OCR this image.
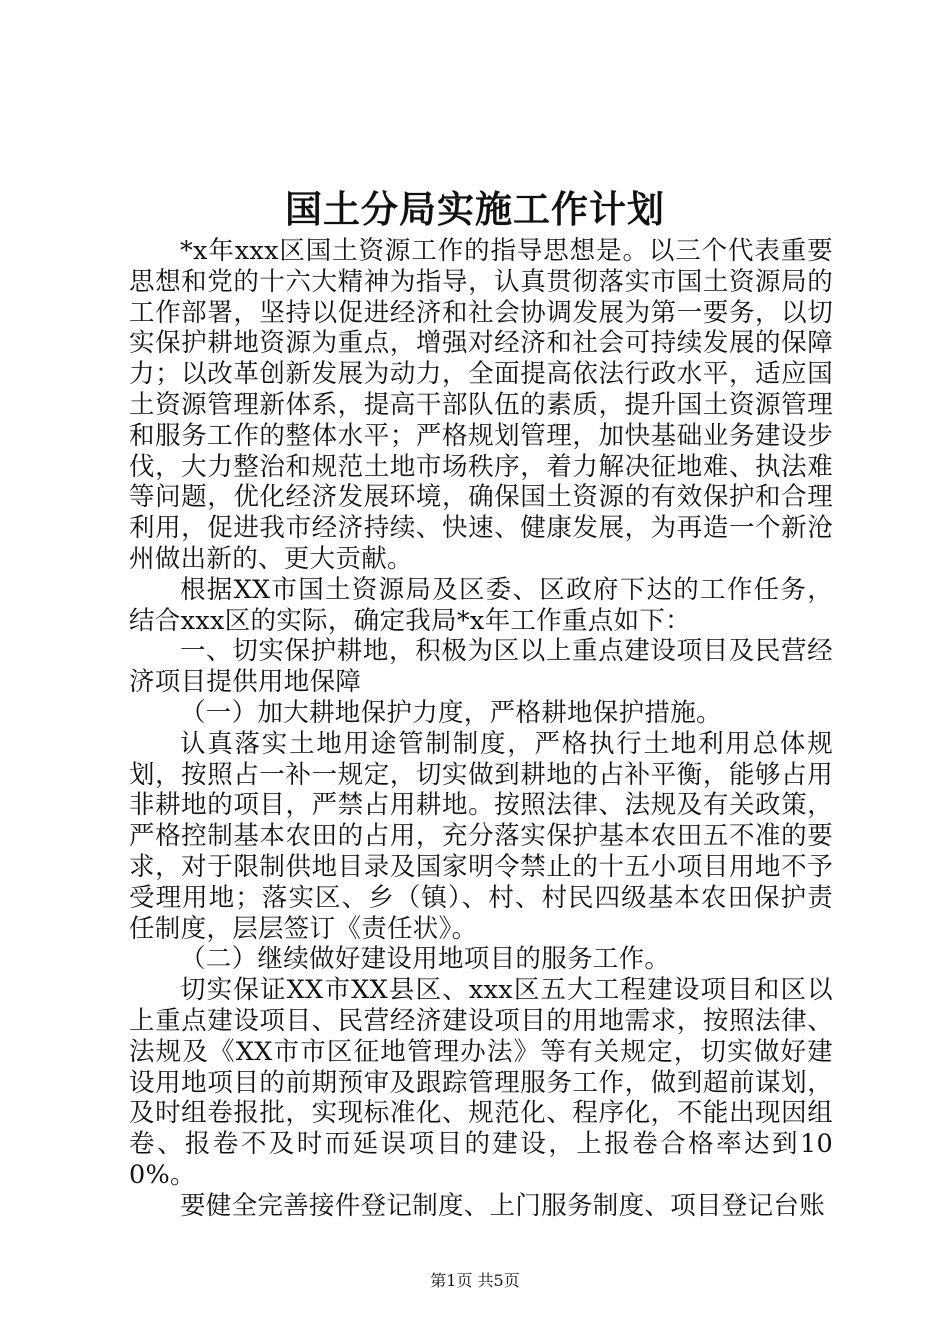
国土分局实施工作计划

*x年xxx区国土资源工作的指导思想是。以三个代表重要思想和党的十六大精神为指导，认真贯彻落实市国土资源局的工作部署，坚持以促进经济和社会协调发展为第一要务，以切实保护耕地资源为重点，增强对经济和社会可持续发展的保障力；以改革创新发展为动力，全面提高依法行政水平，适应国土资源管理新体系，提高干部队伍的素质，提升国土资源管理和服务工作的整体水平；严格规划管理，加快基础业务建设步伐，大力整治和规范土地市场秩序，着力解决征地难、执法难等问题，优化经济发展环境，确保国土资源的有效保护和合理利用，促进我市经济持续、快速、健康发展，为再造一个新沧州做出新的、更大贡献。

根据XX市国土资源局及区委、区政府下达的工作任务，结合xxx区的实际，确定我局*x年工作重点如下：

一、切实保护耕地，积极为区以上重点建设项目及民营经济项目提供用地保障

（一）加大耕地保护力度，严格耕地保护措施。

认真落实土地用途管制制度，严格执行土地利用总体规划，按照占一补一规定，切实做到耕地的占补平衡，能够占用非耕地的项目，严禁占用耕地。按照法律、法规及有关政策，严格控制基本农田的占用，充分落实保护基本农田五不准的要求，对于限制供地目录及国家明令禁止的十五小项目用地不予受理用地；落实区、乡（镇）、村、村民四级基本农田保护责任制度，层层签订《责任状》。

（二）继续做好建设用地项目的服务工作。

切实保证XX市XX县区、xxx区五大工程建设项目和区以上重点建设项目、民营经济建设项目的用地需求，按照法律、法规及《XX市市区征地管理办法》等有关规定，切实做好建设用地项目的前期预审及跟踪管理服务工作，做到超前谋划，及时组卷报批，实现标准化、规范化、程序化，不能出现因组卷、报卷不及时而延误项目的建设，上报卷合格率达到100%。

要健全完善接件登记制度、上门服务制度、项目登记台账

第1页 共5页
